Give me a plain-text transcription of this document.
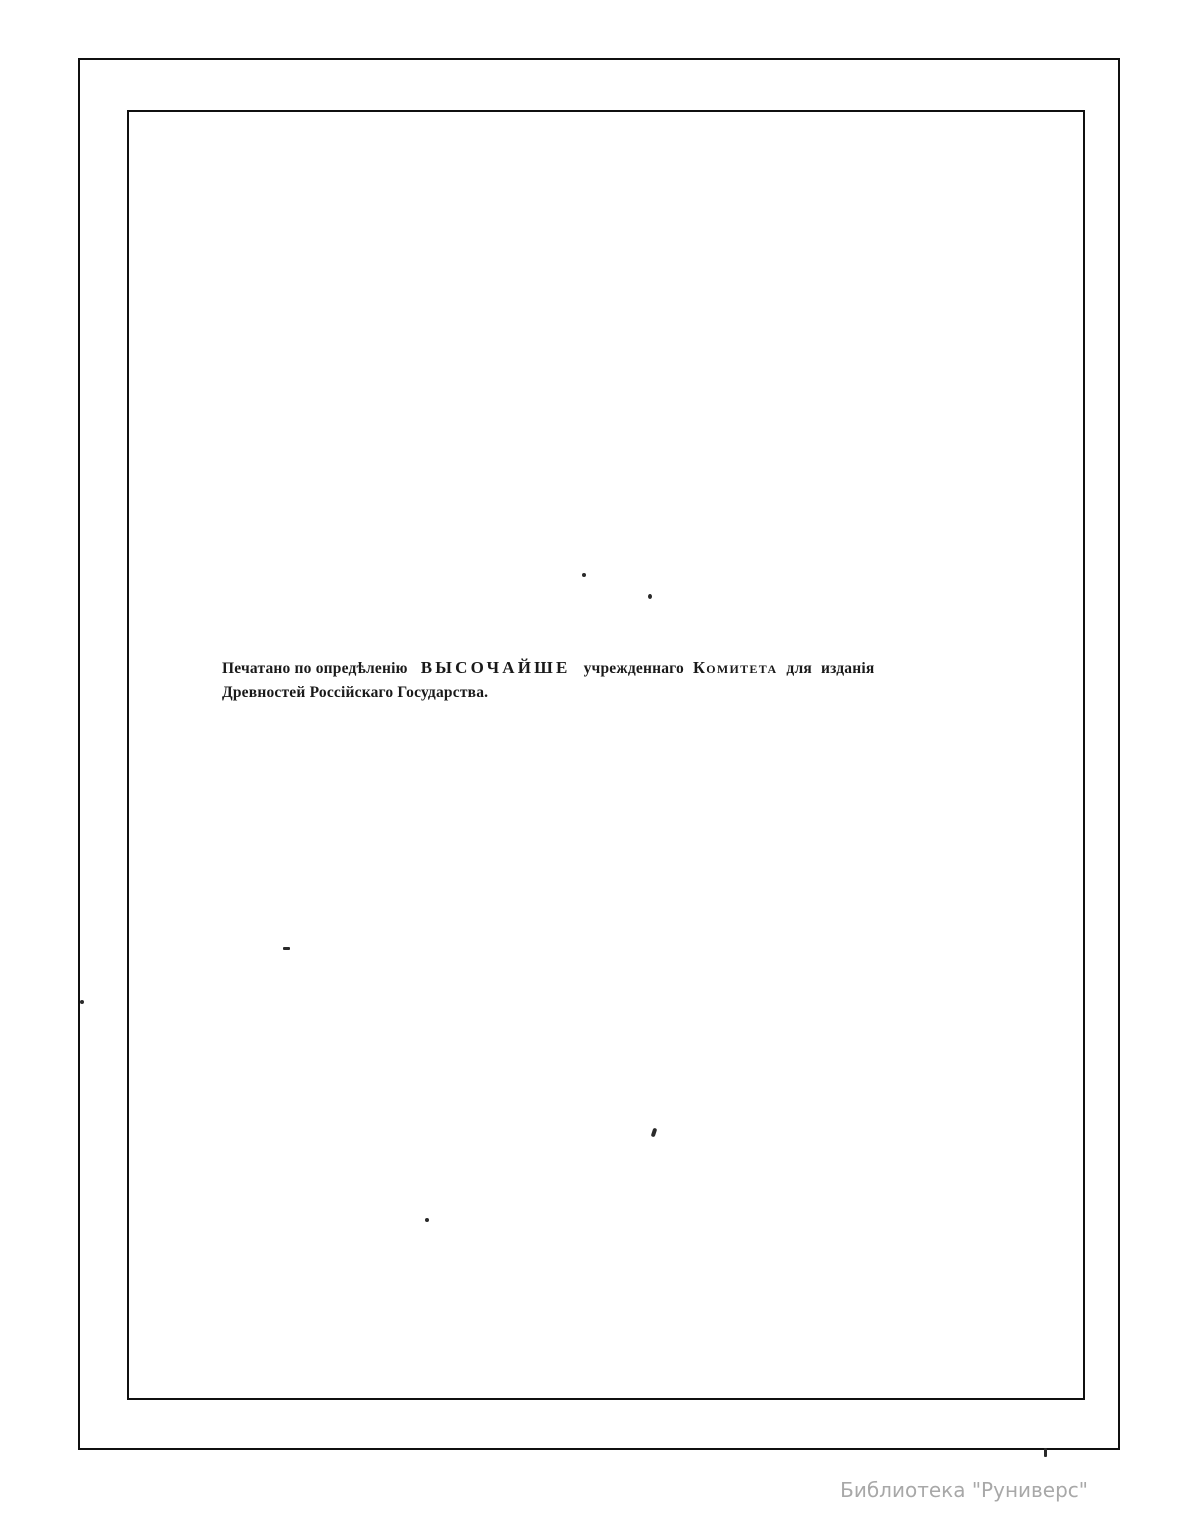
Печатано по опредѣленію ВЫСОЧАЙШЕ учрежденнаго Комитета для изданія
Древностей Россійскаго Государства.
Библиотека "Руниверс"
